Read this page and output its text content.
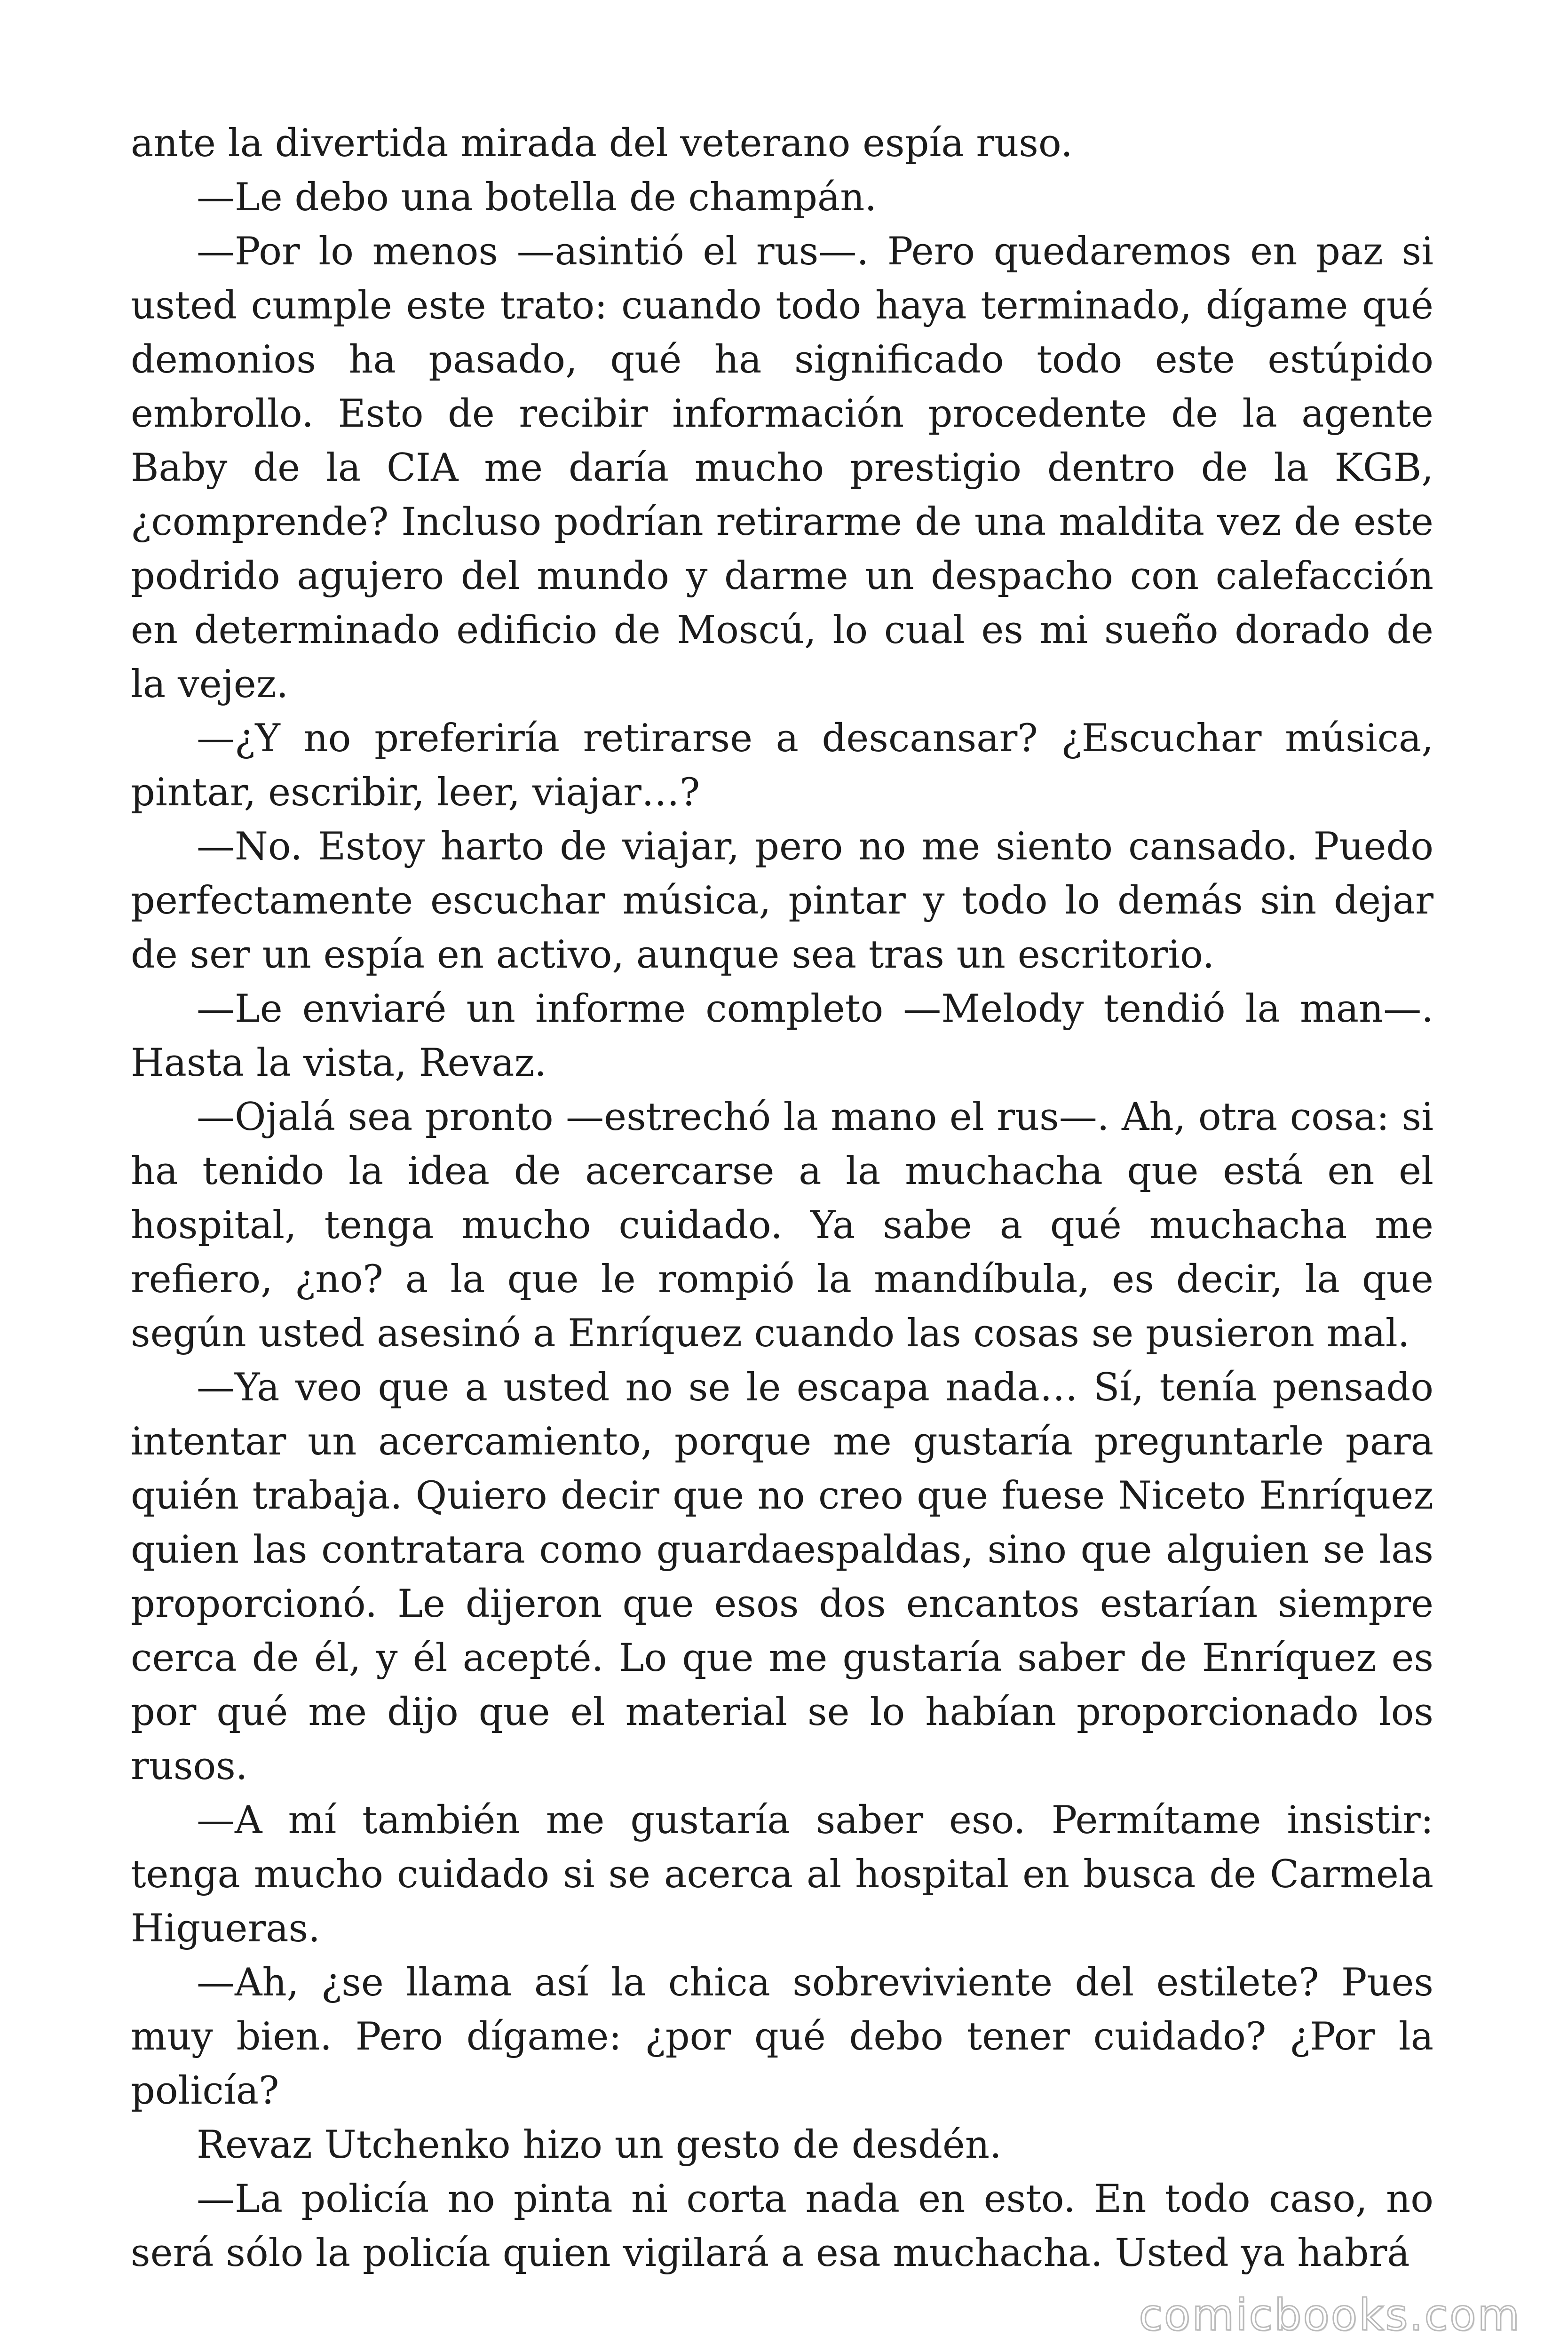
ante la divertida mirada del veterano espía ruso.

—Le debo una botella de champán.

—Por lo menos —asintió el rus—. Pero quedaremos en paz si usted cumple este trato: cuando todo haya terminado, dígame qué demonios ha pasado, qué ha significado todo este estúpido embrollo. Esto de recibir información procedente de la agente Baby de la CIA me daría mucho prestigio dentro de la KGB, ¿comprende? Incluso podrían retirarme de una maldita vez de este podrido agujero del mundo y darme un despacho con calefacción en determinado edificio de Moscú, lo cual es mi sueño dorado de la vejez.

—¿Y no preferiría retirarse a descansar? ¿Escuchar música, pintar, escribir, leer, viajar…?

—No. Estoy harto de viajar, pero no me siento cansado. Puedo perfectamente escuchar música, pintar y todo lo demás sin dejar de ser un espía en activo, aunque sea tras un escritorio.

—Le enviaré un informe completo —Melody tendió la man—. Hasta la vista, Revaz.

—Ojalá sea pronto —estrechó la mano el rus—. Ah, otra cosa: si ha tenido la idea de acercarse a la muchacha que está en el hospital, tenga mucho cuidado. Ya sabe a qué muchacha me refiero, ¿no? a la que le rompió la mandíbula, es decir, la que según usted asesinó a Enríquez cuando las cosas se pusieron mal.

—Ya veo que a usted no se le escapa nada… Sí, tenía pensado intentar un acercamiento, porque me gustaría preguntarle para quién trabaja. Quiero decir que no creo que fuese Niceto Enríquez quien las contratara como guardaespaldas, sino que alguien se las proporcionó. Le dijeron que esos dos encantos estarían siempre cerca de él, y él acepté. Lo que me gustaría saber de Enríquez es por qué me dijo que el material se lo habían proporcionado los rusos.

—A mí también me gustaría saber eso. Permítame insistir: tenga mucho cuidado si se acerca al hospital en busca de Carmela Higueras.

—Ah, ¿se llama así la chica sobreviviente del estilete? Pues muy bien. Pero dígame: ¿por qué debo tener cuidado? ¿Por la policía?

Revaz Utchenko hizo un gesto de desdén.

—La policía no pinta ni corta nada en esto. En todo caso, no será sólo la policía quien vigilará a esa muchacha. Usted ya habrá

comicbooks.com
